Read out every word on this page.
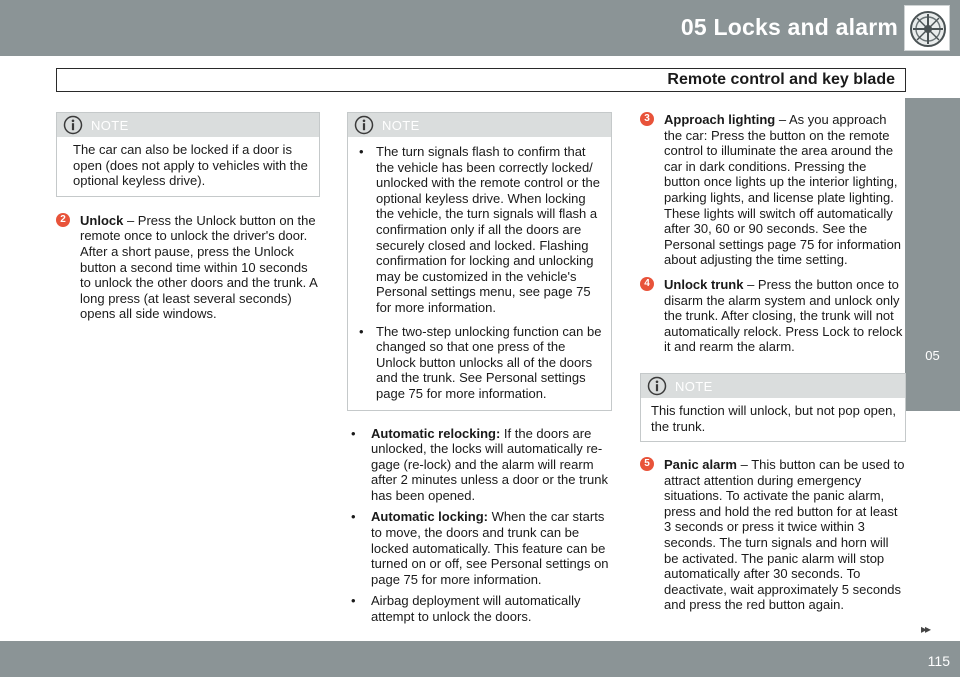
05 Locks and alarm
Remote control and key blade
05
NOTE
The car can also be locked if a door is open (does not apply to vehicles with the optional keyless drive).
2	Unlock – Press the Unlock button on the remote once to unlock the driver's door. After a short pause, press the Unlock button a second time within 10 seconds to unlock the other doors and the trunk. A long press (at least several seconds) opens all side windows.
NOTE
• The turn signals flash to confirm that the vehicle has been correctly locked/ unlocked with the remote control or the optional keyless drive. When locking the vehicle, the turn signals will flash a confirmation only if all the doors are securely closed and locked. Flashing confirmation for locking and unlocking may be customized in the vehicle's Personal settings menu, see page 75 for more information.
• The two-step unlocking function can be changed so that one press of the Unlock button unlocks all of the doors and the trunk. See Personal settings page 75 for more information.
• Automatic relocking: If the doors are unlocked, the locks will automatically re-gage (re-lock) and the alarm will rearm after 2 minutes unless a door or the trunk has been opened.
• Automatic locking: When the car starts to move, the doors and trunk can be locked automatically. This feature can be turned on or off, see Personal settings on page 75 for more information.
• Airbag deployment will automatically attempt to unlock the doors.
3	Approach lighting – As you approach the car: Press the button on the remote control to illuminate the area around the car in dark conditions. Pressing the button once lights up the interior lighting, parking lights, and license plate lighting. These lights will switch off automatically after 30, 60 or 90 seconds. See the Personal settings page 75 for information about adjusting the time setting.
4	Unlock trunk – Press the button once to disarm the alarm system and unlock only the trunk. After closing, the trunk will not automatically relock. Press Lock to relock it and rearm the alarm.
NOTE
This function will unlock, but not pop open, the trunk.
5	Panic alarm – This button can be used to attract attention during emergency situations. To activate the panic alarm, press and hold the red button for at least 3 seconds or press it twice within 3 seconds. The turn signals and horn will be activated. The panic alarm will stop automatically after 30 seconds. To deactivate, wait approximately 5 seconds and press the red button again.
▸▸
115
